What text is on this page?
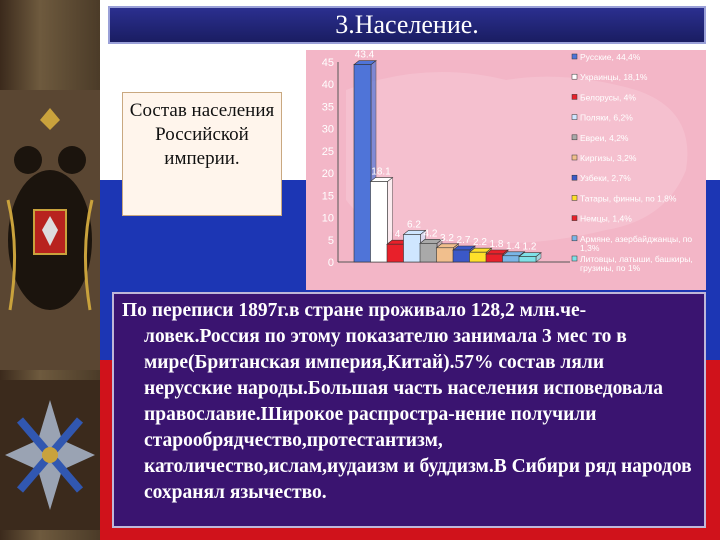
3.Население.
Состав населения Российской империи.
0
5
10
15
20
25
30
35
40
45
43.4
18.1
4
6.2
4.2 3.2 2.7 2.2 1.8 1.4 1.2
Русские, 44,4%
Украинцы, 18,1%
Белорусы, 4%
Поляки, 6,2%
Евреи, 4,2%
Киргизы, 3,2%
Узбеки, 2,7%
Татары, финны, по 1,8%
Немцы, 1,4%
Армяне, азербайджанцы, по 1,3%
Литовцы, латыши, башкиры, грузины, по 1%

По переписи 1897г.в стране проживало 128,2 млн.че-ловек.Россия по этому показателю занимала 3 мес то в мире(Британская империя,Китай).57% состав ляли нерусские народы.Большая часть населения исповедовала православие.Широкое распростра-нение получили старообрядчество,протестантизм, католичество,ислам,иудаизм и буддизм.В Сибири ряд народов сохранял язычество.
